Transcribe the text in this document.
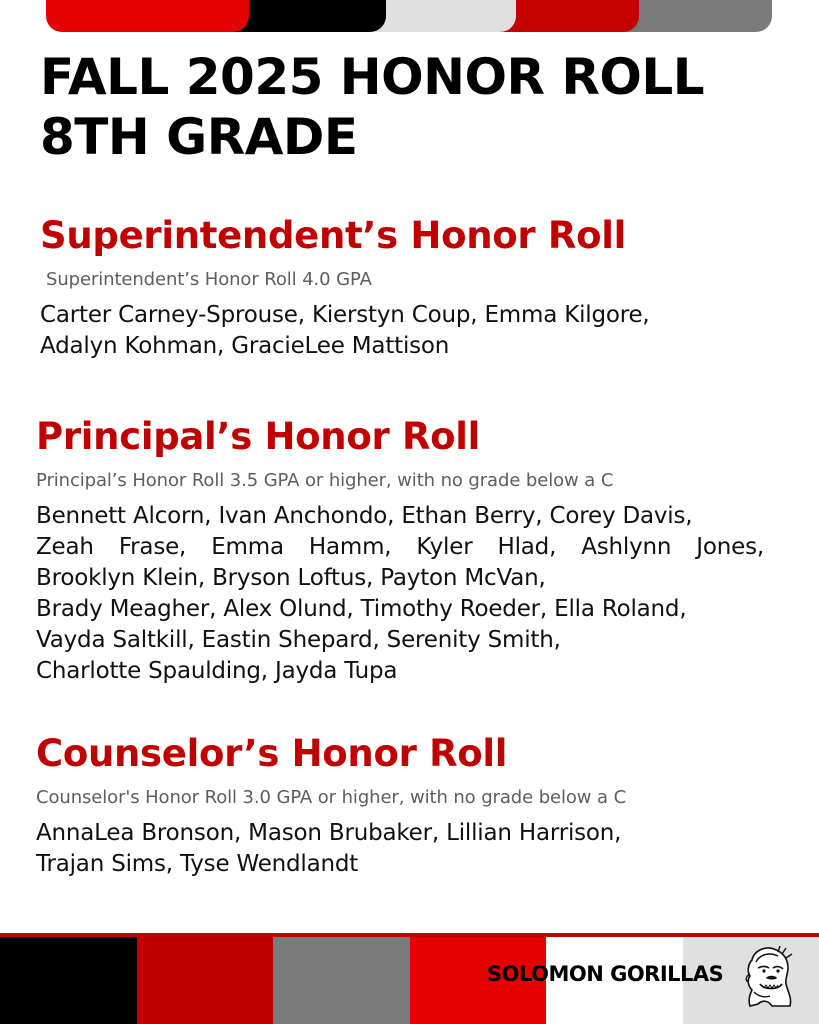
FALL 2025 HONOR ROLL
8TH GRADE
Superintendent’s Honor Roll

Superintendent’s Honor Roll 4.0 GPA

Carter Carney-Sprouse, Kierstyn Coup, Emma Kilgore,
Adalyn Kohman, GracieLee Mattison

Principal’s Honor Roll

Principal’s Honor Roll 3.5 GPA or higher, with no grade below a C

Bennett Alcorn, Ivan Anchondo, Ethan Berry, Corey Davis,
Zeah Frase, Emma Hamm, Kyler Hlad, Ashlynn Jones,
Brooklyn Klein, Bryson Loftus, Payton McVan,
Brady Meagher, Alex Olund, Timothy Roeder, Ella Roland,
Vayda Saltkill, Eastin Shepard, Serenity Smith,
Charlotte Spaulding, Jayda Tupa

Counselor’s Honor Roll

Counselor's Honor Roll 3.0 GPA or higher, with no grade below a C

AnnaLea Bronson, Mason Brubaker, Lillian Harrison,
Trajan Sims, Tyse Wendlandt

SOLOMON GORILLAS
